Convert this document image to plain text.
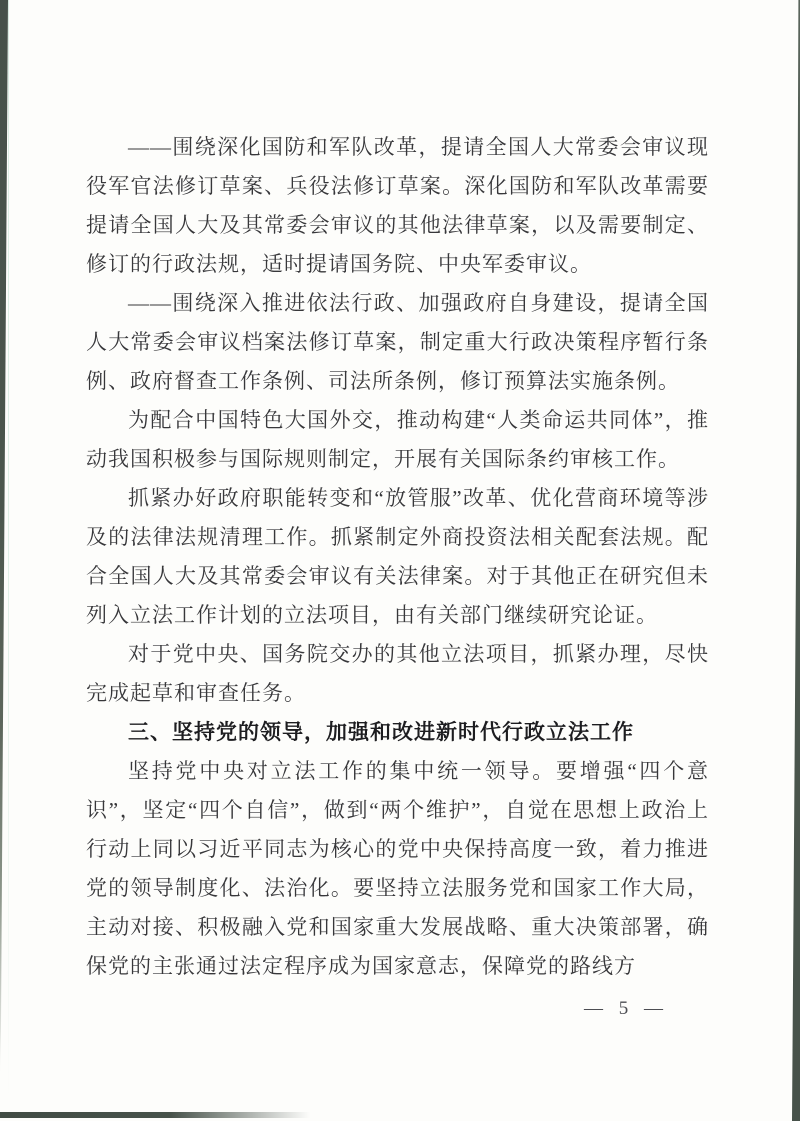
——围绕深化国防和军队改革，提请全国人大常委会审议现役军官法修订草案、兵役法修订草案。深化国防和军队改革需要提请全国人大及其常委会审议的其他法律草案，以及需要制定、修订的行政法规，适时提请国务院、中央军委审议。

——围绕深入推进依法行政、加强政府自身建设，提请全国人大常委会审议档案法修订草案，制定重大行政决策程序暂行条例、政府督查工作条例、司法所条例，修订预算法实施条例。

为配合中国特色大国外交，推动构建“人类命运共同体”，推动我国积极参与国际规则制定，开展有关国际条约审核工作。

抓紧办好政府职能转变和“放管服”改革、优化营商环境等涉及的法律法规清理工作。抓紧制定外商投资法相关配套法规。配合全国人大及其常委会审议有关法律案。对于其他正在研究但未列入立法工作计划的立法项目，由有关部门继续研究论证。

对于党中央、国务院交办的其他立法项目，抓紧办理，尽快完成起草和审查任务。

三、坚持党的领导，加强和改进新时代行政立法工作

坚持党中央对立法工作的集中统一领导。要增强“四个意识”，坚定“四个自信”，做到“两个维护”，自觉在思想上政治上行动上同以习近平同志为核心的党中央保持高度一致，着力推进党的领导制度化、法治化。要坚持立法服务党和国家工作大局，主动对接、积极融入党和国家重大发展战略、重大决策部署，确保党的主张通过法定程序成为国家意志，保障党的路线方

— 5 —
